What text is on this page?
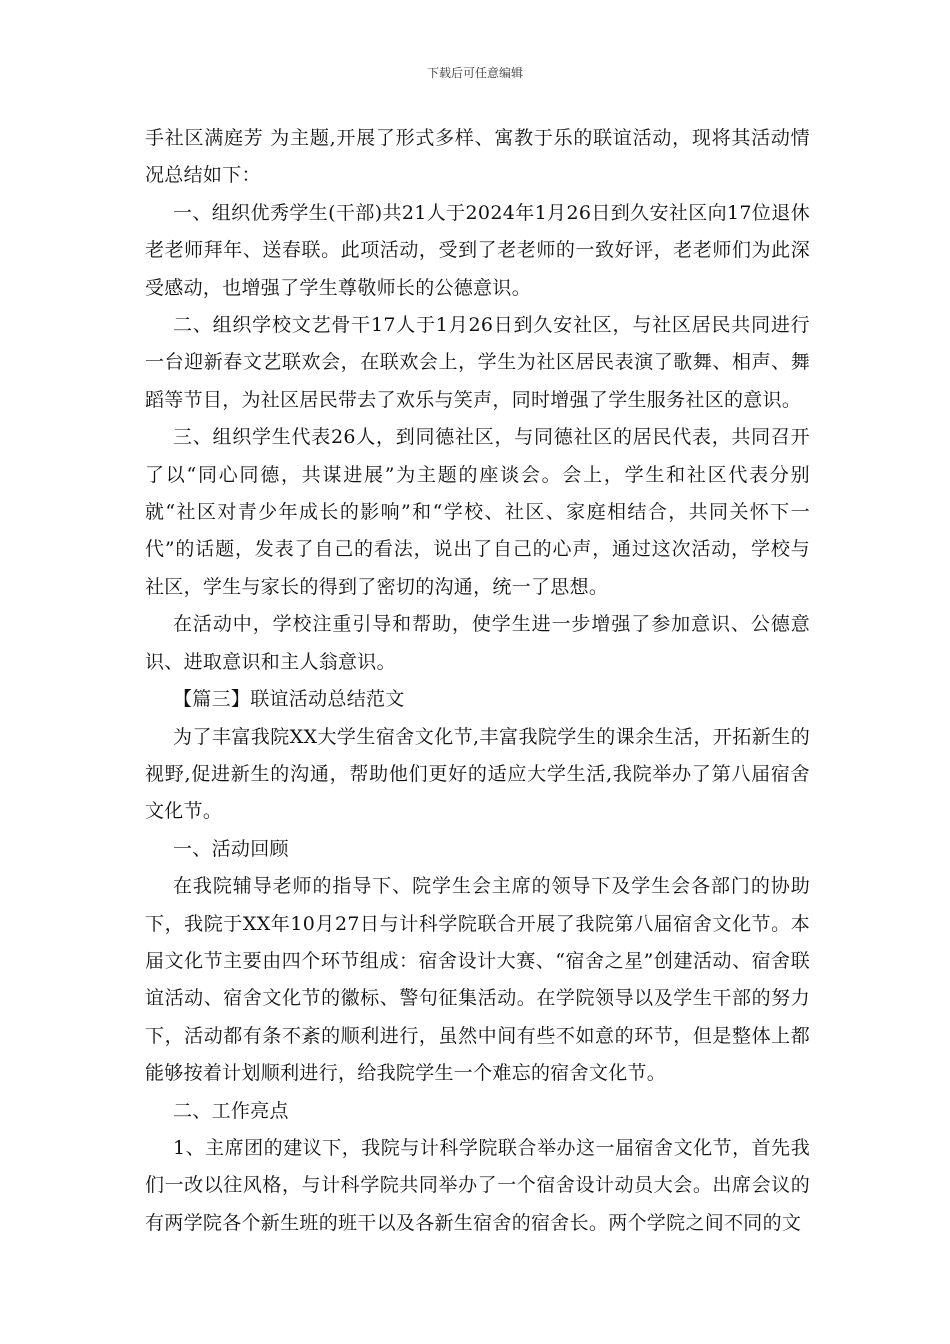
下载后可任意编辑

手社区满庭芳 为主题,开展了形式多样、寓教于乐的联谊活动，现将其活动情况总结如下：

一、组织优秀学生(干部)共21人于2024年1月26日到久安社区向17位退休老老师拜年、送春联。此项活动，受到了老老师的一致好评，老老师们为此深受感动，也增强了学生尊敬师长的公德意识。

二、组织学校文艺骨干17人于1月26日到久安社区，与社区居民共同进行一台迎新春文艺联欢会，在联欢会上，学生为社区居民表演了歌舞、相声、舞蹈等节目，为社区居民带去了欢乐与笑声，同时增强了学生服务社区的意识。

三、组织学生代表26人，到同德社区，与同德社区的居民代表，共同召开了以“同心同德，共谋进展”为主题的座谈会。会上，学生和社区代表分别就“社区对青少年成长的影响”和“学校、社区、家庭相结合，共同关怀下一代”的话题，发表了自己的看法，说出了自己的心声，通过这次活动，学校与社区，学生与家长的得到了密切的沟通，统一了思想。

在活动中，学校注重引导和帮助，使学生进一步增强了参加意识、公德意识、进取意识和主人翁意识。

【篇三】联谊活动总结范文

为了丰富我院XX大学生宿舍文化节,丰富我院学生的课余生活，开拓新生的视野,促进新生的沟通，帮助他们更好的适应大学生活,我院举办了第八届宿舍文化节。

一、活动回顾

在我院辅导老师的指导下、院学生会主席的领导下及学生会各部门的协助下，我院于XX年10月27日与计科学院联合开展了我院第八届宿舍文化节。本届文化节主要由四个环节组成：宿舍设计大赛、“宿舍之星”创建活动、宿舍联谊活动、宿舍文化节的徽标、警句征集活动。在学院领导以及学生干部的努力下，活动都有条不紊的顺利进行，虽然中间有些不如意的环节，但是整体上都能够按着计划顺利进行，给我院学生一个难忘的宿舍文化节。

二、工作亮点

1、主席团的建议下，我院与计科学院联合举办这一届宿舍文化节，首先我们一改以往风格，与计科学院共同举办了一个宿舍设计动员大会。出席会议的有两学院各个新生班的班干以及各新生宿舍的宿舍长。两个学院之间不同的文
